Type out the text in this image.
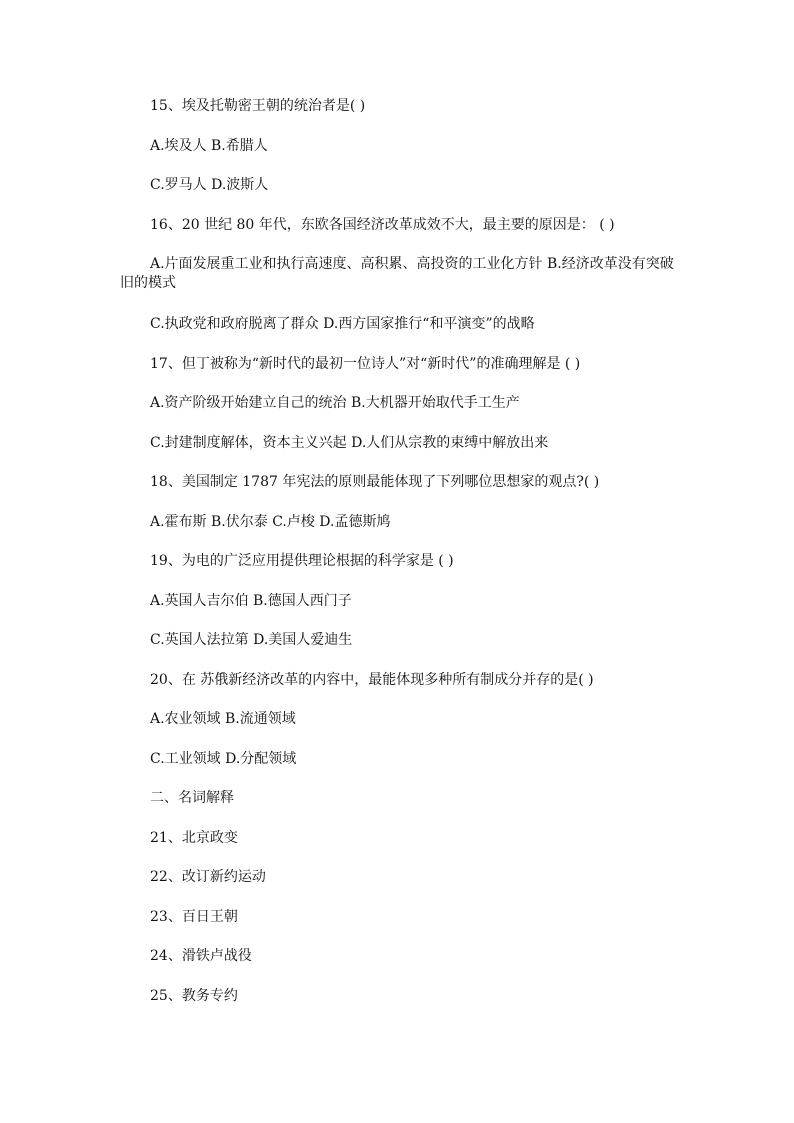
15、埃及托勒密王朝的统治者是( )
A.埃及人 B.希腊人
C.罗马人 D.波斯人
16、20 世纪 80 年代，东欧各国经济改革成效不大，最主要的原因是： ( )
A.片面发展重工业和执行高速度、高积累、高投资的工业化方针 B.经济改革没有突破旧的模式
C.执政党和政府脱离了群众 D.西方国家推行“和平演变”的战略
17、但丁被称为“新时代的最初一位诗人”对“新时代”的准确理解是 ( )
A.资产阶级开始建立自己的统治 B.大机器开始取代手工生产
C.封建制度解体，资本主义兴起 D.人们从宗教的束缚中解放出来
18、美国制定 1787 年宪法的原则最能体现了下列哪位思想家的观点?( )
A.霍布斯 B.伏尔泰 C.卢梭 D.孟德斯鸠
19、为电的广泛应用提供理论根据的科学家是 ( )
A.英国人吉尔伯 B.德国人西门子
C.英国人法拉第 D.美国人爱迪生
20、在 苏俄新经济改革的内容中，最能体现多种所有制成分并存的是( )
A.农业领域 B.流通领域
C.工业领域 D.分配领域
二、名词解释
21、北京政变
22、改订新约运动
23、百日王朝
24、滑铁卢战役
25、教务专约
